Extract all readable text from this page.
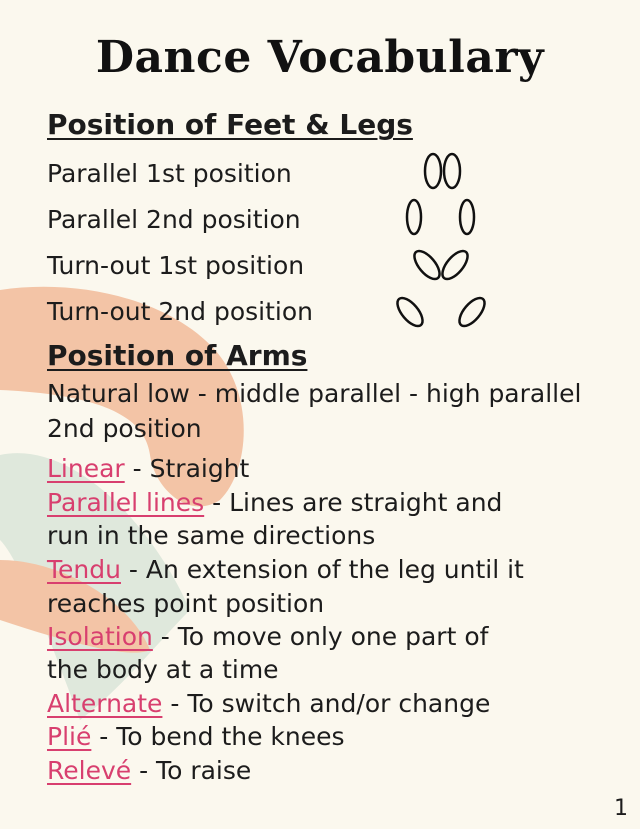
Dance Vocabulary
Position of Feet & Legs
Parallel 1st position
Parallel 2nd position
Turn-out 1st position
Turn-out 2nd position
Position of Arms
Natural low - middle parallel - high parallel
2nd position
Linear - Straight
Parallel lines - Lines are straight and
run in the same directions
Tendu - An extension of the leg until it
reaches point position
Isolation - To move only one part of
the body at a time
Alternate - To switch and/or change
Plié - To bend the knees
Relevé - To raise
1
